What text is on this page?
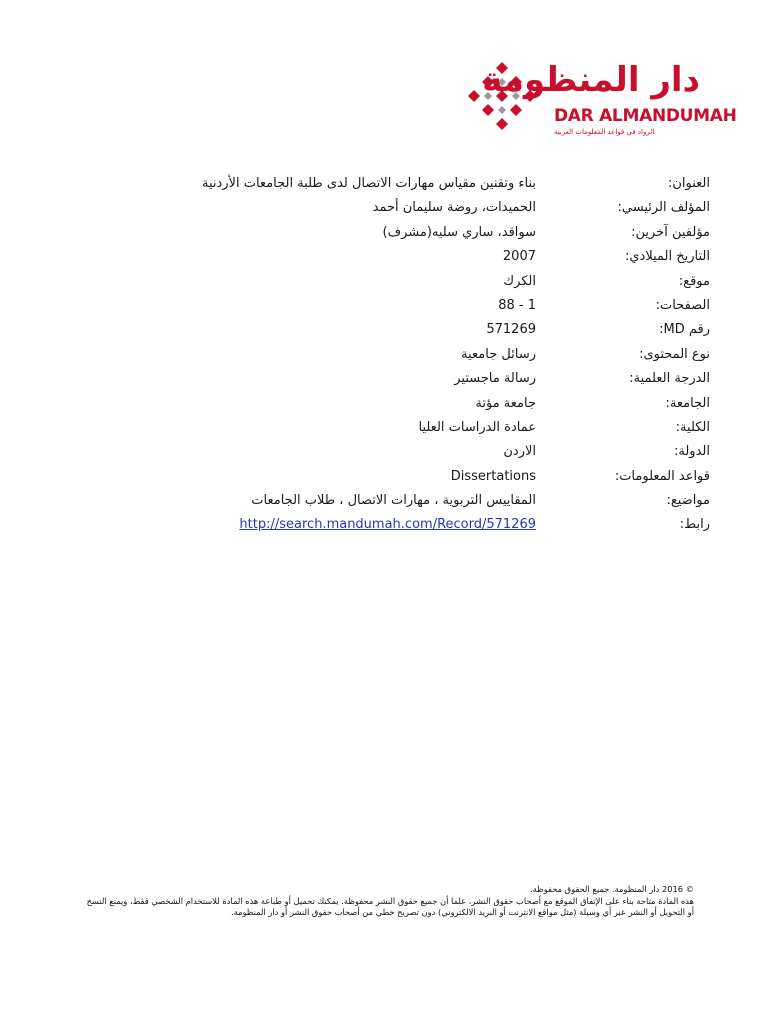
دار المنظومة
DAR ALMANDUMAH
الرواد في قواعد المعلومات العربية
العنوان:
بناء وتقنين مقياس مهارات الاتصال لدى طلبة الجامعات الأردنية
المؤلف الرئيسي:
الحميدات، روضة سليمان أحمد
مؤلفين آخرين:
سواقد، ساري سليه(مشرف)
التاريخ الميلادي:
2007
موقع:
الكرك
الصفحات:
88 - 1
رقم MD:
571269
نوع المحتوى:
رسائل جامعية
الدرجة العلمية:
رسالة ماجستير
الجامعة:
جامعة مؤتة
الكلية:
عمادة الدراسات العليا
الدولة:
الاردن
قواعد المعلومات:
Dissertations
مواضيع:
المقاييس التربوية ، مهارات الاتصال ، طلاب الجامعات
رابط:
http://search.mandumah.com/Record/571269

© 2016 دار المنظومة. جميع الحقوق محفوظة.

هذه المادة متاحة بناء على الإتفاق الموقع مع أصحاب حقوق النشر، علما أن جميع حقوق النشر محفوظة. يمكنك تحميل أو طباعة هذه المادة للاستخدام الشخصي فقط، ويمنع النسخ أو التحويل أو النشر عبر أي وسيلة (مثل مواقع الانترنت أو البريد الالكتروني) دون تصريح خطي من أصحاب حقوق النشر أو دار المنظومة.
